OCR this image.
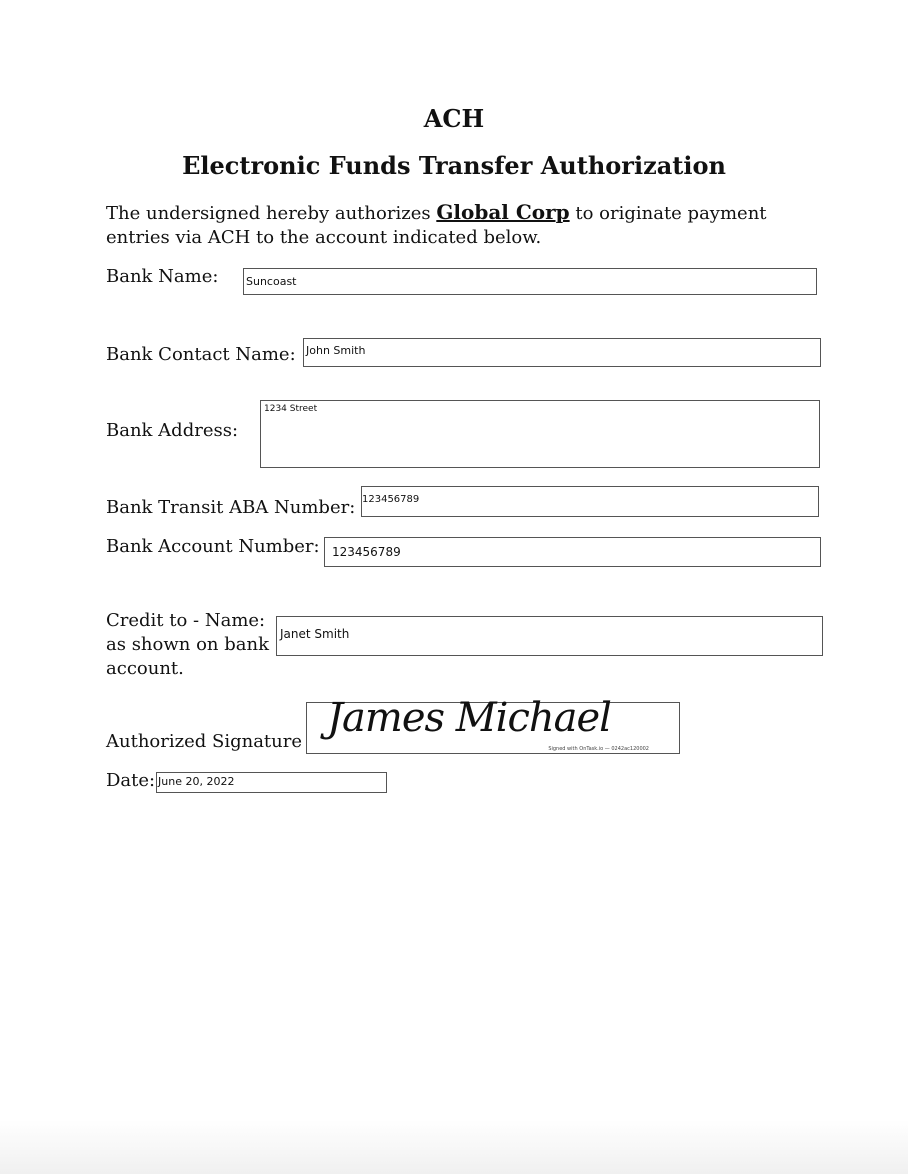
ACH
Electronic Funds Transfer Authorization
The undersigned hereby authorizes Global Corp to originate payment entries via ACH to the account indicated below.
Bank Name:	Suncoast
Bank Contact Name: John Smith
Bank Address:
1234 Street
Bank Transit ABA Number: 123456789
Bank Account Number: 123456789
Credit to - Name:
as shown on bank
account.
Janet Smith
Authorized Signature
James Michael
Signed with OnTask.io — 0242ac120002
Date: June 20, 2022
